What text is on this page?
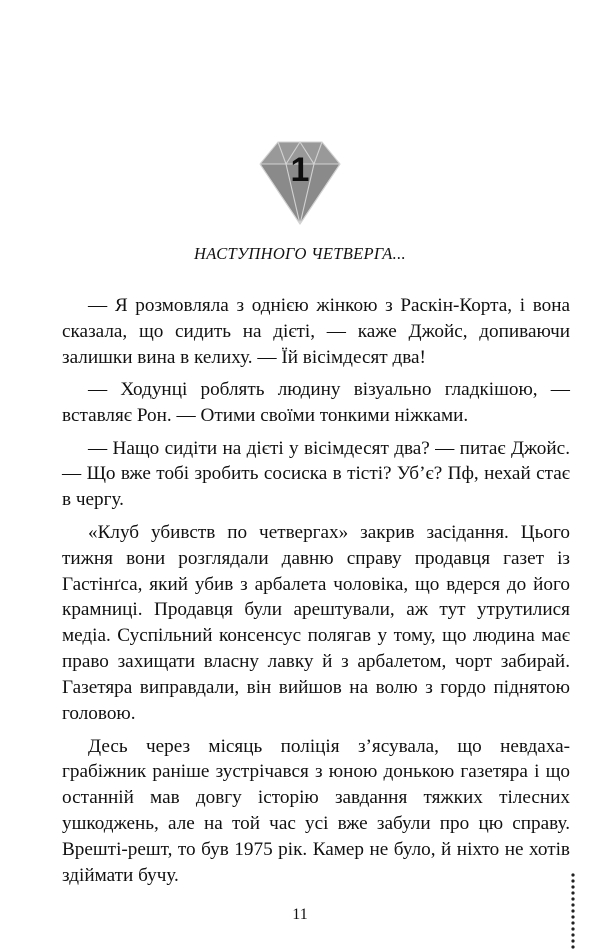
1
НАСТУПНОГО ЧЕТВЕРГА...

— Я розмовляла з однією жінкою з Раскін-Корта, і вона сказала, що сидить на дієті, — каже Джойс, допиваючи залишки вина в келиху. — Їй вісімдесят два!

— Ходунці роблять людину візуально гладкішою, — вставляє Рон. — Отими своїми тонкими ніжками.

— Нащо сидіти на дієті у вісімдесят два? — питає Джойс. — Що вже тобі зробить сосиска в тісті? Уб’є? Пф, нехай стає в чергу.

«Клуб убивств по четвергах» закрив засідання. Цього тижня вони розглядали давню справу продавця газет із Гастінґса, який убив з арбалета чоловіка, що вдерся до його крамниці. Продавця були арештували, аж тут утрутилися медіа. Суспільний консенсус полягав у тому, що людина має право захищати власну лавку й з арбалетом, чорт забирай. Газетяра виправдали, він вийшов на волю з гордо піднятою головою.

Десь через місяць поліція з’ясувала, що невдаха-грабіжник раніше зустрічався з юною донькою газетяра і що останній мав довгу історію завдання тяжких тілесних ушкоджень, але на той час усі вже забули про цю справу. Врешті-решт, то був 1975 рік. Камер не було, й ніхто не хотів здіймати бучу.

11
